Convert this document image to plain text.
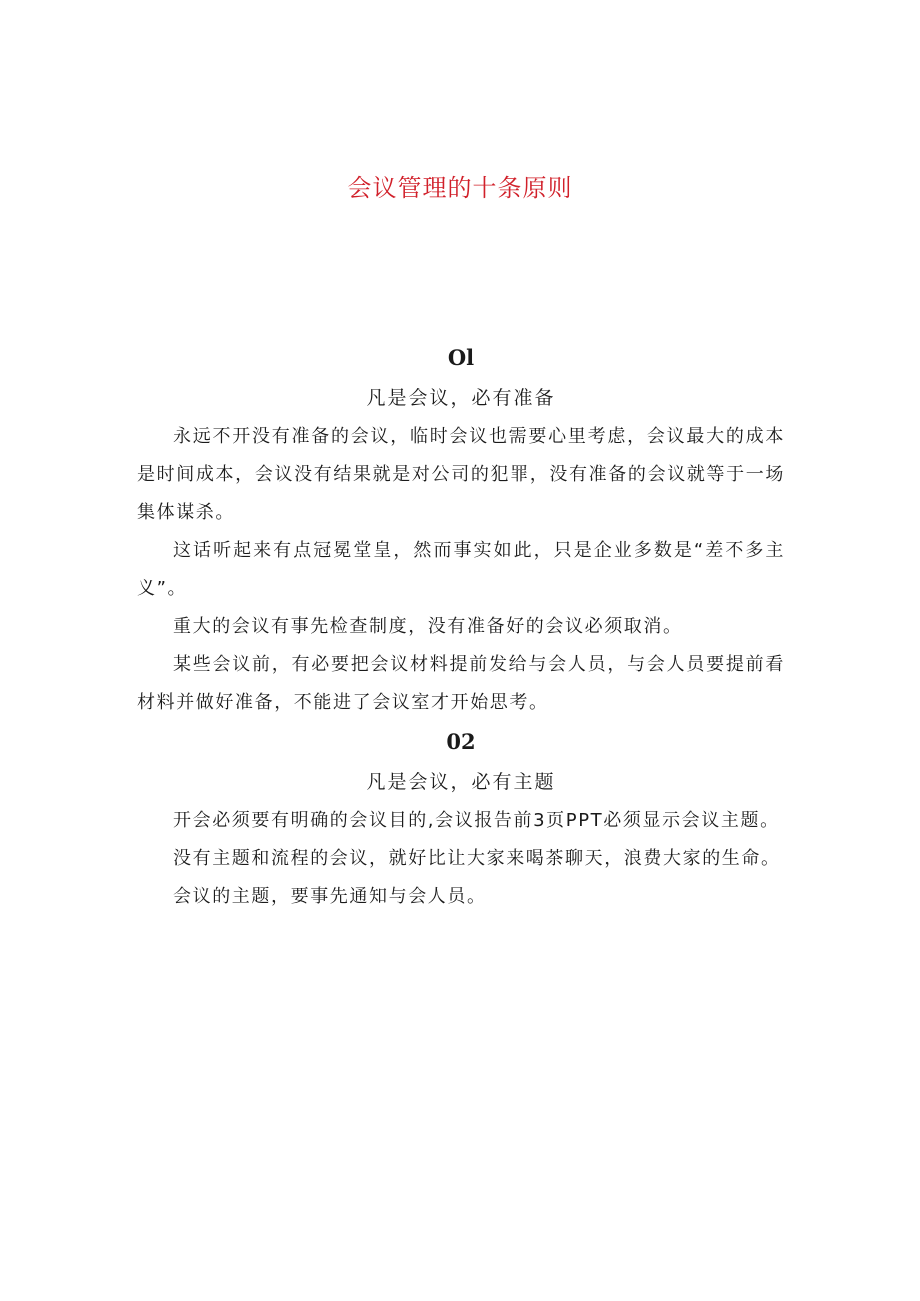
会议管理的十条原则
Ol
凡是会议，必有准备

永远不开没有准备的会议，临时会议也需要心里考虑，会议最大的成本是时间成本，会议没有结果就是对公司的犯罪，没有准备的会议就等于一场集体谋杀。

这话听起来有点冠冕堂皇，然而事实如此，只是企业多数是“差不多主义”。

重大的会议有事先检查制度，没有准备好的会议必须取消。

某些会议前，有必要把会议材料提前发给与会人员，与会人员要提前看材料并做好准备，不能进了会议室才开始思考。

02
凡是会议，必有主题

开会必须要有明确的会议目的,会议报告前3页PPT必须显示会议主题。

没有主题和流程的会议，就好比让大家来喝茶聊天，浪费大家的生命。

会议的主题，要事先通知与会人员。
